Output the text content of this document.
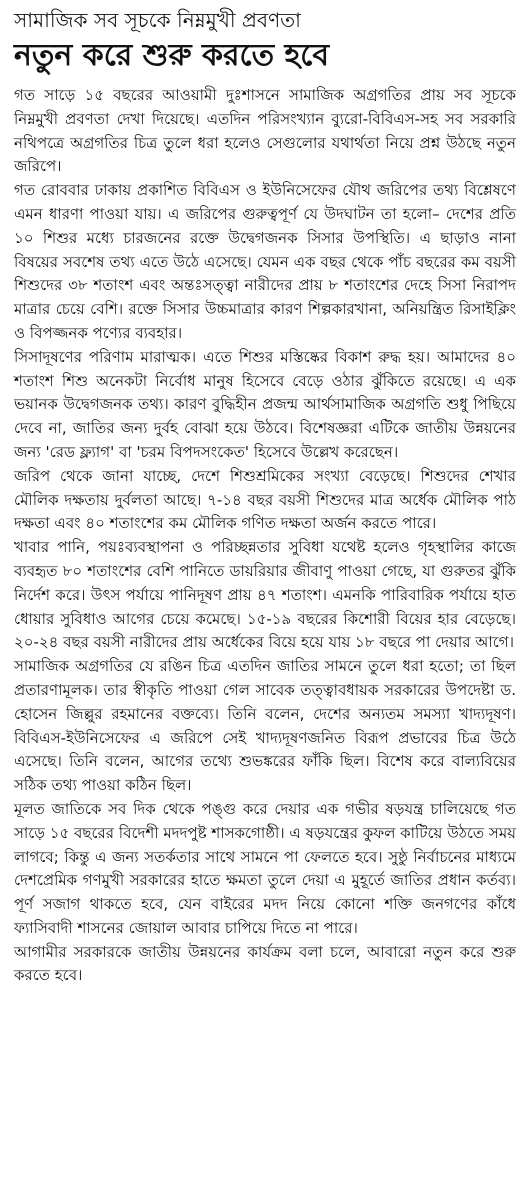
সামাজিক সব সূচকে নিম্নমুখী প্রবণতা
নতুন করে শুরু করতে হবে

গত সাড়ে ১৫ বছরের আওয়ামী দুঃশাসনে সামাজিক অগ্রগতির প্রায় সব সূচকে নিম্নমুখী প্রবণতা দেখা দিয়েছে। এতদিন পরিসংখ্যান ব্যুরো-বিবিএস-সহ সব সরকারি নথিপত্রে অগ্রগতির চিত্র তুলে ধরা হলেও সেগুলোর যথার্থতা নিয়ে প্রশ্ন উঠছে নতুন জরিপে।

গত রোববার ঢাকায় প্রকাশিত বিবিএস ও ইউনিসেফের যৌথ জরিপের তথ্য বিশ্লেষণে এমন ধারণা পাওয়া যায়। এ জরিপের গুরুত্বপূর্ণ যে উদঘাটন তা হলো– দেশের প্রতি ১০ শিশুর মধ্যে চারজনের রক্তে উদ্বেগজনক সিসার উপস্থিতি। এ ছাড়াও নানা বিষয়ের সবশেষ তথ্য এতে উঠে এসেছে। যেমন এক বছর থেকে পাঁচ বছরের কম বয়সী শিশুদের ৩৮ শতাংশ এবং অন্তঃসত্ত্বা নারীদের প্রায় ৮ শতাংশের দেহে সিসা নিরাপদ মাত্রার চেয়ে বেশি। রক্তে সিসার উচ্চমাত্রার কারণ শিল্পকারখানা, অনিয়ন্ত্রিত রিসাইক্লিং ও বিপজ্জনক পণ্যের ব্যবহার।

সিসাদূষণের পরিণাম মারাত্মক। এতে শিশুর মস্তিষ্কের বিকাশ রুদ্ধ হয়। আমাদের ৪০ শতাংশ শিশু অনেকটা নির্বোধ মানুষ হিসেবে বেড়ে ওঠার ঝুঁকিতে রয়েছে। এ এক ভয়ানক উদ্বেগজনক তথ্য। কারণ বুদ্ধিহীন প্রজন্ম আর্থসামাজিক অগ্রগতি শুধু পিছিয়ে দেবে না, জাতির জন্য দুর্বহ বোঝা হয়ে উঠবে। বিশেষজ্ঞরা এটিকে জাতীয় উন্নয়নের জন্য 'রেড ফ্ল্যাগ' বা 'চরম বিপদসংকেত' হিসেবে উল্লেখ করেছেন।

জরিপ থেকে জানা যাচ্ছে, দেশে শিশুশ্রমিকের সংখ্যা বেড়েছে। শিশুদের শেখার মৌলিক দক্ষতায় দুর্বলতা আছে। ৭-১৪ বছর বয়সী শিশুদের মাত্র অর্ধেক মৌলিক পাঠ দক্ষতা এবং ৪০ শতাংশের কম মৌলিক গণিত দক্ষতা অর্জন করতে পারে।

খাবার পানি, পয়ঃব্যবস্থাপনা ও পরিচ্ছন্নতার সুবিধা যথেষ্ট হলেও গৃহস্থালির কাজে ব্যবহৃত ৮০ শতাংশের বেশি পানিতে ডায়রিয়ার জীবাণু পাওয়া গেছে, যা গুরুতর ঝুঁকি নির্দেশ করে। উৎস পর্যায়ে পানিদূষণ প্রায় ৪৭ শতাংশ। এমনকি পারিবারিক পর্যায়ে হাত ধোয়ার সুবিধাও আগের চেয়ে কমেছে। ১৫-১৯ বছরের কিশোরী বিয়ের হার বেড়েছে। ২০-২৪ বছর বয়সী নারীদের প্রায় অর্ধেকের বিয়ে হয়ে যায় ১৮ বছরে পা দেয়ার আগে।

সামাজিক অগ্রগতির যে রঙিন চিত্র এতদিন জাতির সামনে তুলে ধরা হতো; তা ছিল প্রতারণামূলক। তার স্বীকৃতি পাওয়া গেল সাবেক তত্ত্বাবধায়ক সরকারের উপদেষ্টা ড. হোসেন জিল্লুর রহমানের বক্তব্যে। তিনি বলেন, দেশের অন্যতম সমস্যা খাদ্যদূষণ। বিবিএস-ইউনিসেফের এ জরিপে সেই খাদ্যদূষণজনিত বিরূপ প্রভাবের চিত্র উঠে এসেছে। তিনি বলেন, আগের তথ্যে শুভঙ্করের ফাঁকি ছিল। বিশেষ করে বাল্যবিয়ের সঠিক তথ্য পাওয়া কঠিন ছিল।

মূলত জাতিকে সব দিক থেকে পঙ্গু করে দেয়ার এক গভীর ষড়যন্ত্র চালিয়েছে গত সাড়ে ১৫ বছরের বিদেশী মদদপুষ্ট শাসকগোষ্ঠী। এ ষড়যন্ত্রের কুফল কাটিয়ে উঠতে সময় লাগবে; কিন্তু এ জন্য সতর্কতার সাথে সামনে পা ফেলতে হবে। সুষ্ঠু নির্বাচনের মাধ্যমে দেশপ্রেমিক গণমুখী সরকারের হাতে ক্ষমতা তুলে দেয়া এ মুহূর্তে জাতির প্রধান কর্তব্য। পূর্ণ সজাগ থাকতে হবে, যেন বাইরের মদদ নিয়ে কোনো শক্তি জনগণের কাঁধে ফ্যাসিবাদী শাসনের জোয়াল আবার চাপিয়ে দিতে না পারে।

আগামীর সরকারকে জাতীয় উন্নয়নের কার্যক্রম বলা চলে, আবারো নতুন করে শুরু করতে হবে।
